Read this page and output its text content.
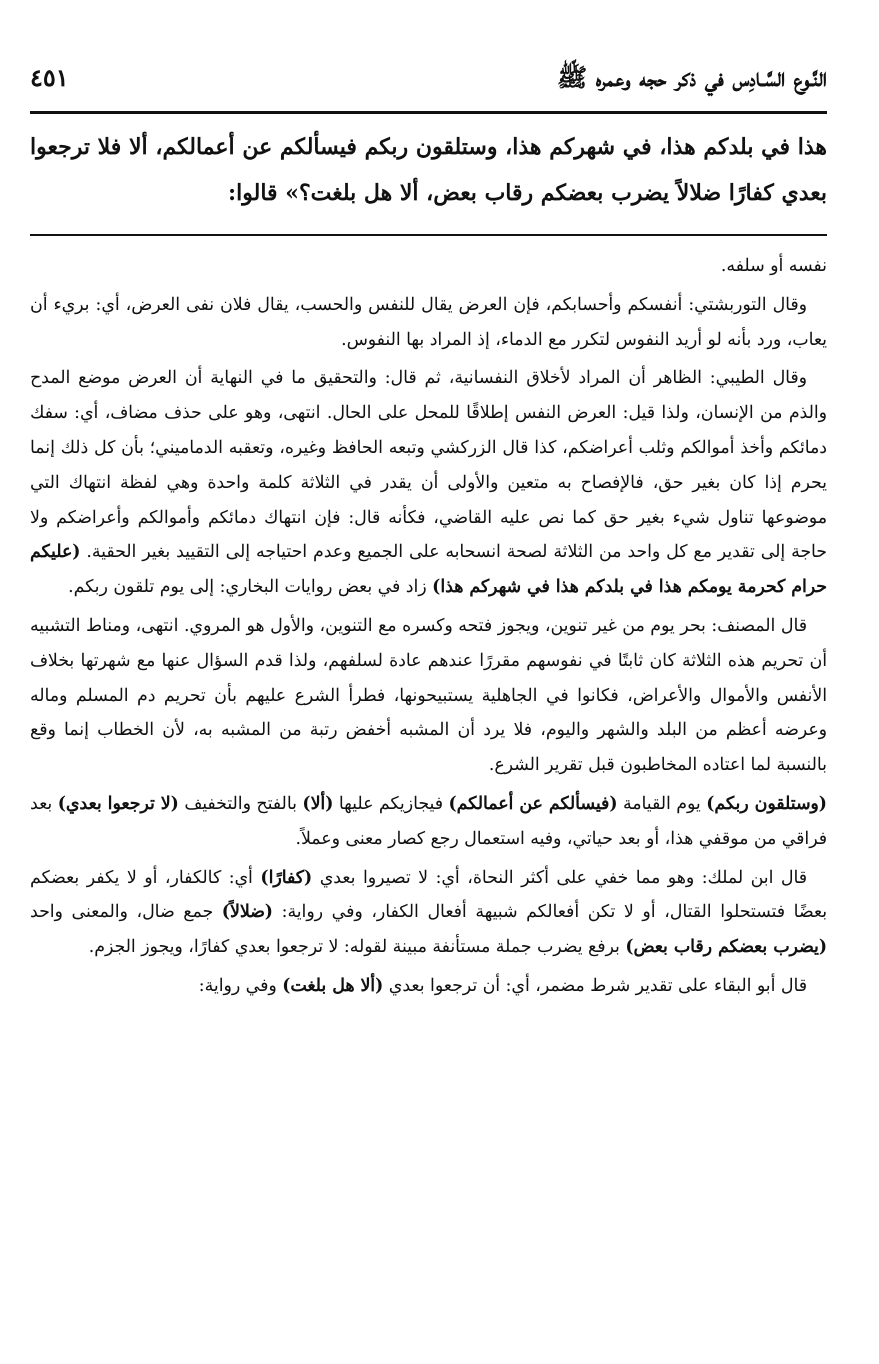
النَّـوع السَّـادِس في ذكر حجه وعمره ﷺ
٤٥١

هذا في بلدكم هذا، في شهركم هذا، وستلقون ربكم فيسألكم عن أعمالكم، ألا فلا ترجعوا بعدي كفارًا ضلالاً يضرب بعضكم رقاب بعض، ألا هل بلغت؟» قالوا:

نفسه أو سلفه.

وقال التوربشتي: أنفسكم وأحسابكم، فإن العرض يقال للنفس والحسب، يقال فلان نفى العرض، أي: بريء أن يعاب، ورد بأنه لو أريد النفوس لتكرر مع الدماء، إذ المراد بها النفوس.

وقال الطيبي: الظاهر أن المراد لأخلاق النفسانية، ثم قال: والتحقيق ما في النهاية أن العرض موضع المدح والذم من الإنسان، ولذا قيل: العرض النفس إطلاقًا للمحل على الحال. انتهى، وهو على حذف مضاف، أي: سفك دمائكم وأخذ أموالكم وثلب أعراضكم، كذا قال الزركشي وتبعه الحافظ وغيره، وتعقبه الدماميني؛ بأن كل ذلك إنما يحرم إذا كان بغير حق، فالإفصاح به متعين والأولى أن يقدر في الثلاثة كلمة واحدة وهي لفظة انتهاك التي موضوعها تناول شيء بغير حق كما نص عليه القاضي، فكأنه قال: فإن انتهاك دمائكم وأموالكم وأعراضكم ولا حاجة إلى تقدير مع كل واحد من الثلاثة لصحة انسحابه على الجميع وعدم احتياجه إلى التقييد بغير الحقية. (عليكم حرام كحرمة يومكم هذا في بلدكم هذا في شهركم هذا) زاد في بعض روايات البخاري: إلى يوم تلقون ربكم.

قال المصنف: بحر يوم من غير تنوين، ويجوز فتحه وكسره مع التنوين، والأول هو المروي. انتهى، ومناط التشبيه أن تحريم هذه الثلاثة كان ثابتًا في نفوسهم مقررًا عندهم عادة لسلفهم، ولذا قدم السؤال عنها مع شهرتها بخلاف الأنفس والأموال والأعراض، فكانوا في الجاهلية يستبيحونها، فطرأ الشرع عليهم بأن تحريم دم المسلم وماله وعرضه أعظم من البلد والشهر واليوم، فلا يرد أن المشبه أخفض رتبة من المشبه به، لأن الخطاب إنما وقع بالنسبة لما اعتاده المخاطبون قبل تقرير الشرع.

(وستلقون ربكم) يوم القيامة (فيسألكم عن أعمالكم) فيجازيكم عليها (ألا) بالفتح والتخفيف (لا ترجعوا بعدي) بعد فراقي من موقفي هذا، أو بعد حياتي، وفيه استعمال رجع كصار معنى وعملاً.

قال ابن لملك: وهو مما خفي على أكثر النحاة، أي: لا تصيروا بعدي (كفارًا) أي: كالكفار، أو لا يكفر بعضكم بعضًا فتستحلوا القتال، أو لا تكن أفعالكم شبيهة أفعال الكفار، وفي رواية: (ضلالاً) جمع ضال، والمعنى واحد (يضرب بعضكم رقاب بعض) برفع يضرب جملة مستأنفة مبينة لقوله: لا ترجعوا بعدي كفارًا، ويجوز الجزم.

قال أبو البقاء على تقدير شرط مضمر، أي: أن ترجعوا بعدي (ألا هل بلغت) وفي رواية:
